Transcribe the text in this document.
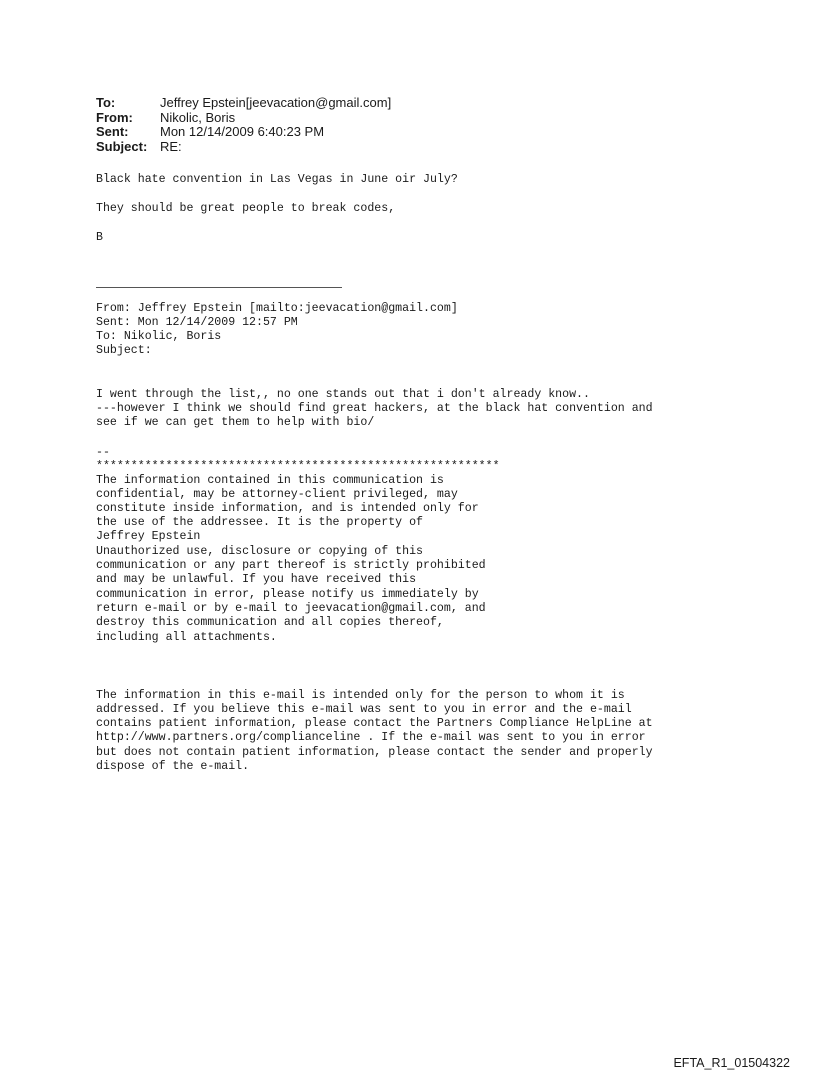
To:	Jeffrey Epstein[jeevacation@gmail.com]
From:	Nikolic, Boris
Sent:	Mon 12/14/2009 6:40:23 PM
Subject: RE:
Black hate convention in Las Vegas in June oir July?
They should be great people to break codes,
B
From: Jeffrey Epstein [mailto:jeevacation@gmail.com]
Sent: Mon 12/14/2009 12:57 PM
To: Nikolic, Boris
Subject:
I went through the list,, no one stands out that i don't already know..
---however I think we should find great hackers, at the black hat convention and
see if we can get them to help with bio/
--
**********************************************************
The information contained in this communication is
confidential, may be attorney-client privileged, may
constitute inside information, and is intended only for
the use of the addressee. It is the property of
Jeffrey Epstein
Unauthorized use, disclosure or copying of this
communication or any part thereof is strictly prohibited
and may be unlawful. If you have received this
communication in error, please notify us immediately by
return e-mail or by e-mail to jeevacation@gmail.com, and
destroy this communication and all copies thereof,
including all attachments.
The information in this e-mail is intended only for the person to whom it is
addressed. If you believe this e-mail was sent to you in error and the e-mail
contains patient information, please contact the Partners Compliance HelpLine at
http://www.partners.org/complianceline . If the e-mail was sent to you in error
but does not contain patient information, please contact the sender and properly
dispose of the e-mail.
EFTA_R1_01504322
